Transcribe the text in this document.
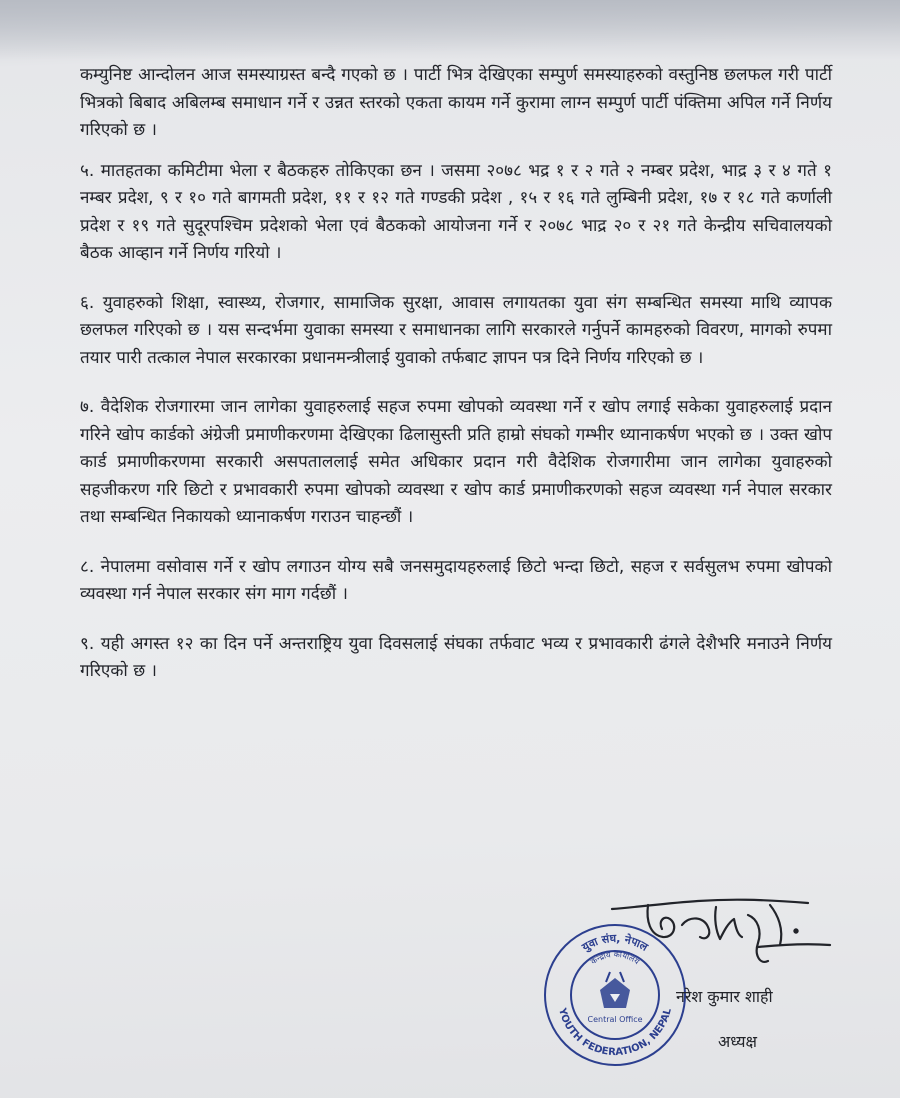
कम्युनिष्ट आन्दोलन आज समस्याग्रस्त बन्दै गएको छ । पार्टी भित्र देखिएका सम्पुर्ण समस्याहरुको वस्तुनिष्ठ छलफल गरी पार्टी भित्रको बिबाद अबिलम्ब समाधान गर्ने र उन्नत स्तरको एकता कायम गर्ने कुरामा लाग्न सम्पुर्ण पार्टी पंक्तिमा अपिल गर्ने निर्णय गरिएको छ ।

५. मातहतका कमिटीमा भेला र बैठकहरु तोकिएका छन । जसमा २०७८ भद्र १ र २ गते २ नम्बर प्रदेश, भाद्र ३ र ४ गते १ नम्बर प्रदेश, ९ र १० गते बागमती प्रदेश, ११ र १२ गते गण्डकी प्रदेश , १५ र १६ गते लुम्बिनी प्रदेश, १७ र १८ गते कर्णाली प्रदेश र १९ गते सुदूरपश्चिम प्रदेशको भेला एवं बैठकको आयोजना गर्ने र २०७८ भाद्र २० र २१ गते केन्द्रीय सचिवालयको बैठक आव्हान गर्ने निर्णय गरियो ।

६. युवाहरुको शिक्षा, स्वास्थ्य, रोजगार, सामाजिक सुरक्षा, आवास लगायतका युवा संग सम्बन्धित समस्या माथि व्यापक छलफल गरिएको छ । यस सन्दर्भमा युवाका समस्या र समाधानका लागि सरकारले गर्नुपर्ने कामहरुको विवरण, मागको रुपमा तयार पारी तत्काल नेपाल सरकारका प्रधानमन्त्रीलाई युवाको तर्फबाट ज्ञापन पत्र दिने निर्णय गरिएको छ ।

७. वैदेशिक रोजगारमा जान लागेका युवाहरुलाई सहज रुपमा खोपको व्यवस्था गर्ने र खोप लगाई सकेका युवाहरुलाई प्रदान गरिने खोप कार्डको अंग्रेजी प्रमाणीकरणमा देखिएका ढिलासुस्ती प्रति हाम्रो संघको गम्भीर ध्यानाकर्षण भएको छ । उक्त खोप कार्ड प्रमाणीकरणमा सरकारी असपताललाई समेत अधिकार प्रदान गरी वैदेशिक रोजगारीमा जान लागेका युवाहरुको सहजीकरण गरि छिटो र प्रभावकारी रुपमा खोपको व्यवस्था र खोप कार्ड प्रमाणीकरणको सहज व्यवस्था गर्न नेपाल सरकार तथा सम्बन्धित निकायको ध्यानाकर्षण गराउन चाहन्छौं ।

८. नेपालमा वसोवास गर्ने र खोप लगाउन योग्य सबै जनसमुदायहरुलाई छिटो भन्दा छिटो, सहज र सर्वसुलभ रुपमा खोपको व्यवस्था गर्न नेपाल सरकार संग माग गर्दछौं ।

९. यही अगस्त १२ का दिन पर्ने अन्तराष्ट्रिय युवा दिवसलाई संघका तर्फवाट भव्य र प्रभावकारी ढंगले देशैभरि मनाउने निर्णय गरिएको छ ।

युवा संघ, नेपाल
YOUTH FEDERATION, NEPAL
केन्द्रीय कार्यालय
Central Office
नरेश कुमार शाही
अध्यक्ष
